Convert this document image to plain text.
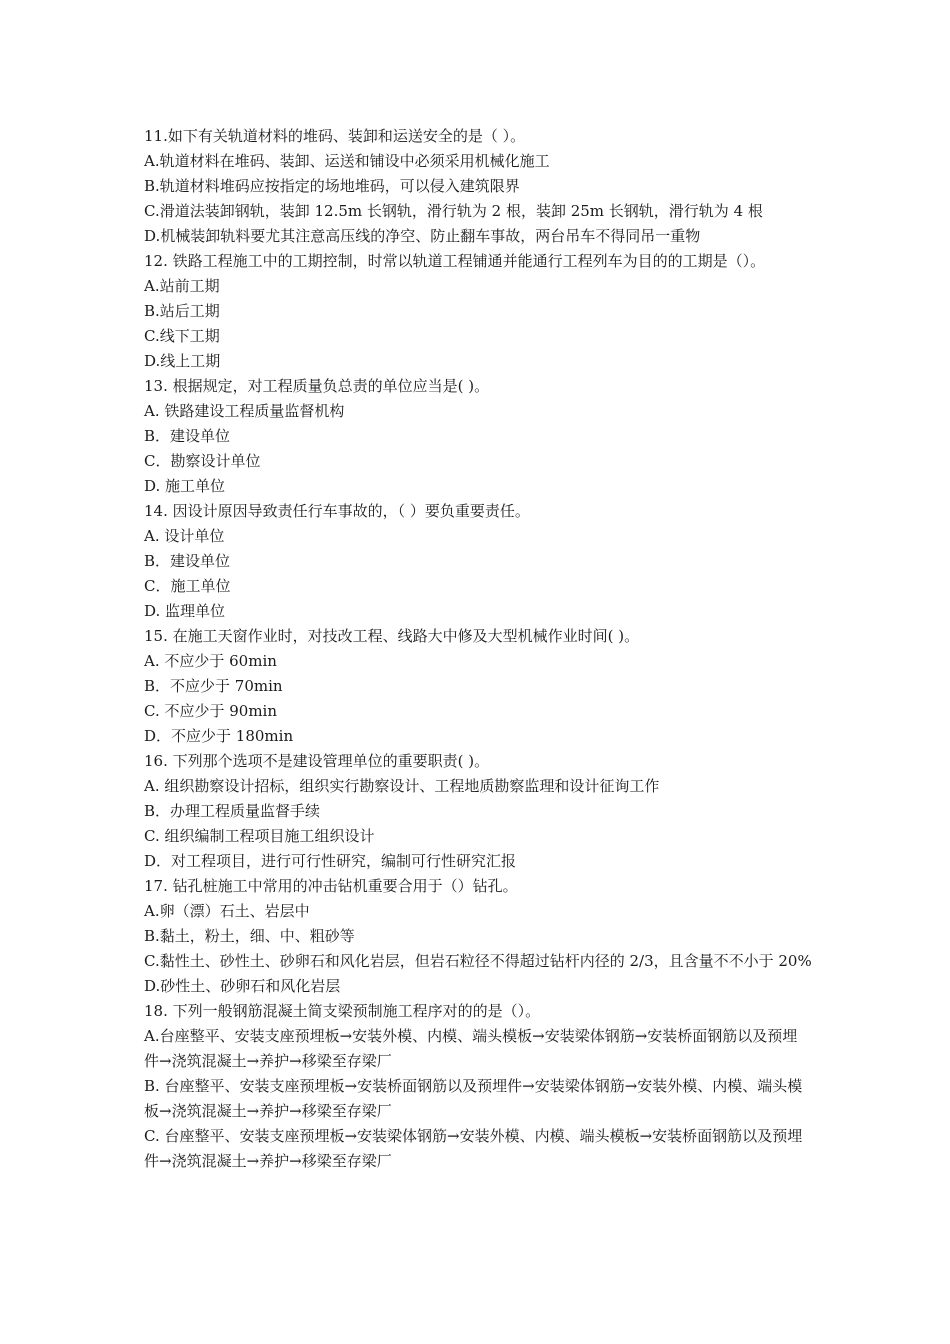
11.如下有关轨道材料的堆码、装卸和运送安全的是（ ）。

A.轨道材料在堆码、装卸、运送和铺设中必须采用机械化施工

B.轨道材料堆码应按指定的场地堆码，可以侵入建筑限界

C.滑道法装卸钢轨，装卸 12.5m 长钢轨，滑行轨为 2 根，装卸 25m 长钢轨，滑行轨为 4 根

D.机械装卸轨料要尤其注意高压线的净空、防止翻车事故，两台吊车不得同吊一重物

12. 铁路工程施工中的工期控制，时常以轨道工程铺通并能通行工程列车为目的的工期是（）。

A.站前工期

B.站后工期

C.线下工期

D.线上工期

13. 根据规定，对工程质量负总责的单位应当是( )。

A. 铁路建设工程质量监督机构

B．建设单位

C．勘察设计单位

D. 施工单位

14. 因设计原因导致责任行车事故的，（ ）要负重要责任。

A. 设计单位

B．建设单位

C．施工单位

D. 监理单位

15. 在施工天窗作业时，对技改工程、线路大中修及大型机械作业时间( )。

A. 不应少于 60min

B．不应少于 70min

C. 不应少于 90min

D．不应少于 180min

16. 下列那个选项不是建设管理单位的重要职责( )。

A. 组织勘察设计招标，组织实行勘察设计、工程地质勘察监理和设计征询工作

B．办理工程质量监督手续

C. 组织编制工程项目施工组织设计

D．对工程项目，进行可行性研究，编制可行性研究汇报

17. 钻孔桩施工中常用的冲击钻机重要合用于（）钻孔。

A.卵（漂）石土、岩层中

B.黏土，粉土，细、中、粗砂等

C.黏性土、砂性土、砂卵石和风化岩层，但岩石粒径不得超过钻杆内径的 2/3，且含量不不小于 20%

D.砂性土、砂卵石和风化岩层

18. 下列一般钢筋混凝土简支梁预制施工程序对的的是（）。

A.台座整平、安装支座预埋板→安装外模、内模、端头模板→安装梁体钢筋→安装桥面钢筋以及预埋件→浇筑混凝土→养护→移梁至存梁厂

B. 台座整平、安装支座预埋板→安装桥面钢筋以及预埋件→安装梁体钢筋→安装外模、内模、端头模板→浇筑混凝土→养护→移梁至存梁厂

C. 台座整平、安装支座预埋板→安装梁体钢筋→安装外模、内模、端头模板→安装桥面钢筋以及预埋件→浇筑混凝土→养护→移梁至存梁厂
